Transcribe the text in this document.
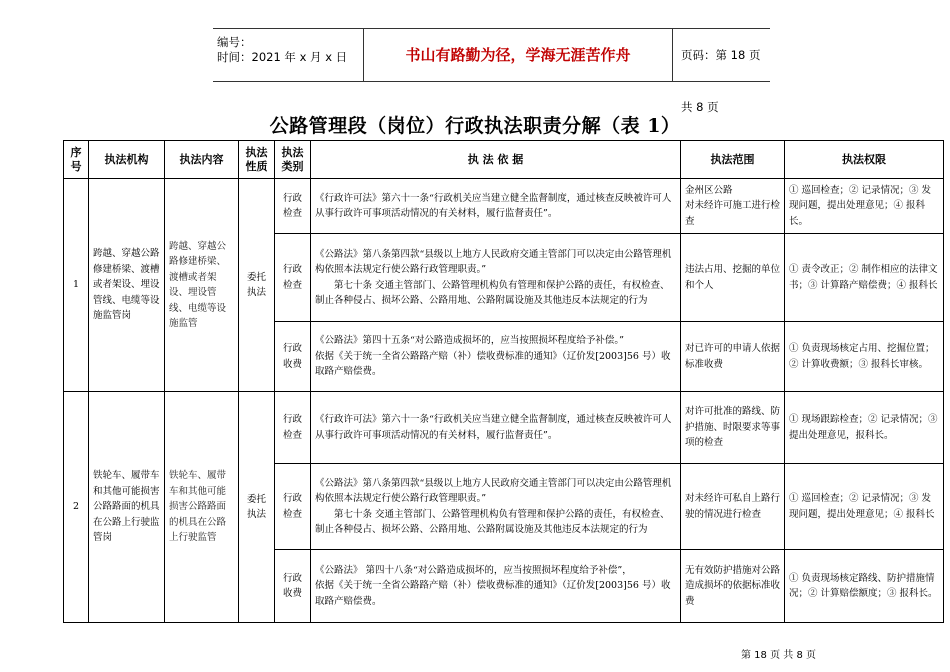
编号：
时间：2021 年 x 月 x 日	书山有路勤为径，学海无涯苦作舟	页码：第 18 页 共 8 页
公路管理段（岗位）行政执法职责分解（表 1）
序号	执法机构	执法内容	执法性质	执法类别	执 法 依 据	执法范围	执法权限
1	跨越、穿越公路修建桥梁、渡槽或者架设、埋设管线、电缆等设施监管岗	跨越、穿越公路修建桥梁、渡槽或者架设、埋设管线、电缆等设施监管	委托执法	行政检查	《行政许可法》第六十一条“行政机关应当建立健全监督制度，通过核查反映被许可人从事行政许可事项活动情况的有关材料，履行监督责任”。	金州区公路
对未经许可施工进行检查	① 巡回检查；② 记录情况；③ 发现问题，提出处理意见；④ 报科长。
				行政检查	《公路法》第八条第四款“县级以上地方人民政府交通主管部门可以决定由公路管理机构依照本法规定行使公路行政管理职责。”

第七十条 交通主管部门、公路管理机构负有管理和保护公路的责任，有权检查、制止各种侵占、损坏公路、公路用地、公路附属设施及其他违反本法规定的行为	违法占用、挖掘的单位和个人	① 责令改正；② 制作相应的法律文书；③ 计算路产赔偿费；④ 报科长
				行政收费	《公路法》第四十五条“对公路造成损坏的，应当按照损坏程度给予补偿。”

依据《关于统一全省公路路产赔（补）偿收费标准的通知》（辽价发[2003]56 号）收取路产赔偿费。	对已许可的申请人依据标准收费	① 负责现场核定占用、挖掘位置；② 计算收费额；③ 报科长审核。
2	铁轮车、履带车和其他可能损害公路路面的机具在公路上行驶监管岗	铁轮车、履带车和其他可能损害公路路面的机具在公路上行驶监管	委托执法	行政检查	《行政许可法》第六十一条“行政机关应当建立健全监督制度，通过核查反映被许可人从事行政许可事项活动情况的有关材料，履行监督责任”。	对许可批准的路线、防护措施、时限要求等事项的检查	① 现场跟踪检查；② 记录情况；③ 提出处理意见，报科长。
				行政检查	《公路法》第八条第四款“县级以上地方人民政府交通主管部门可以决定由公路管理机构依照本法规定行使公路行政管理职责。”

第七十条 交通主管部门、公路管理机构负有管理和保护公路的责任，有权检查、制止各种侵占、损坏公路、公路用地、公路附属设施及其他违反本法规定的行为	对未经许可私自上路行驶的情况进行检查	① 巡回检查；② 记录情况；③ 发现问题，提出处理意见；④ 报科长
				行政收费	《公路法》 第四十八条“对公路造成损坏的，应当按照损坏程度给予补偿”，

依据《关于统一全省公路路产赔（补）偿收费标准的通知》（辽价发[2003]56 号）收取路产赔偿费。	无有效防护措施对公路造成损坏的依据标准收费	① 负责现场核定路线、防护措施情况；② 计算赔偿额度；③ 报科长。
第 18 页 共 8 页
